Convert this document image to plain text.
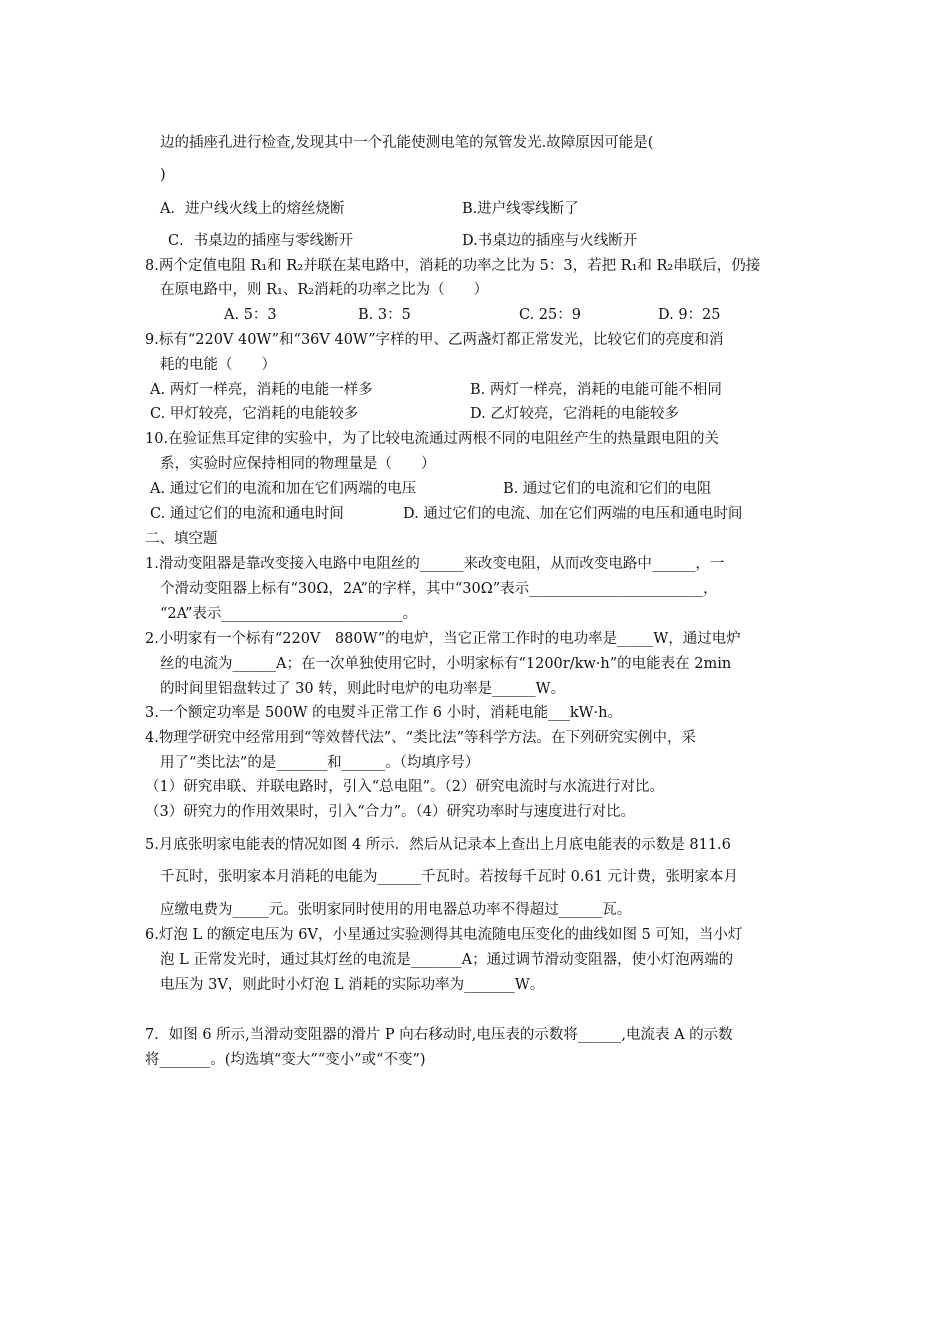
边的插座孔进行检查,发现其中一个孔能使测电笔的氖管发光.故障原因可能是(
)
A．进户线火线上的熔丝烧断	B.进户线零线断了
C．书桌边的插座与零线断开	D.书桌边的插座与火线断开
8.两个定值电阻 R₁和 R₂并联在某电路中，消耗的功率之比为 5：3，若把 R₁和 R₂串联后，仍接
在原电路中，则 R₁、R₂消耗的功率之比为（　　）
A. 5：3	B. 3：5	C. 25：9	D. 9：25
9.标有“220V 40W”和“36V 40W”字样的甲、乙两盏灯都正常发光，比较它们的亮度和消
耗的电能（　　）
A. 两灯一样亮，消耗的电能一样多	B. 两灯一样亮，消耗的电能可能不相同
C. 甲灯较亮，它消耗的电能较多	D. 乙灯较亮，它消耗的电能较多
10.在验证焦耳定律的实验中，为了比较电流通过两根不同的电阻丝产生的热量跟电阻的关
系，实验时应保持相同的物理量是（　　）
A. 通过它们的电流和加在它们两端的电压	B. 通过它们的电流和它们的电阻
C. 通过它们的电流和通电时间	D. 通过它们的电流、加在它们两端的电压和通电时间
二、填空题
1.滑动变阻器是靠改变接入电路中电阻丝的______来改变电阻，从而改变电路中______，一
个滑动变阻器上标有“30Ω，2A”的字样，其中“30Ω”表示________________________，
“2A”表示_________________________。
2.小明家有一个标有“220V　880W”的电炉，当它正常工作时的电功率是_____W，通过电炉
丝的电流为______A；在一次单独使用它时，小明家标有“1200r/kw·h”的电能表在 2min
的时间里铝盘转过了 30 转，则此时电炉的电功率是______W。
3.一个额定功率是 500W 的电熨斗正常工作 6 小时，消耗电能___kW·h。
4.物理学研究中经常用到“等效替代法”、“类比法”等科学方法。在下列研究实例中，采
用了“类比法”的是_______和______。（均填序号）
（1）研究串联、并联电路时，引入“总电阻”。（2）研究电流时与水流进行对比。
（3）研究力的作用效果时，引入“合力”。（4）研究功率时与速度进行对比。
5.月底张明家电能表的情况如图 4 所示．然后从记录本上查出上月底电能表的示数是 811.6
千瓦时，张明家本月消耗的电能为______千瓦时。若按每千瓦时 0.61 元计费，张明家本月
应缴电费为_____元。张明家同时使用的用电器总功率不得超过______瓦。
6.灯泡 L 的额定电压为 6V，小星通过实验测得其电流随电压变化的曲线如图 5 可知，当小灯
泡 L 正常发光时，通过其灯丝的电流是_______A；通过调节滑动变阻器，使小灯泡两端的
电压为 3V，则此时小灯泡 L 消耗的实际功率为_______W。
7．如图 6 所示,当滑动变阻器的滑片 P 向右移动时,电压表的示数将______,电流表 A 的示数
将_______。(均选填“变大”“变小”或“不变”)
